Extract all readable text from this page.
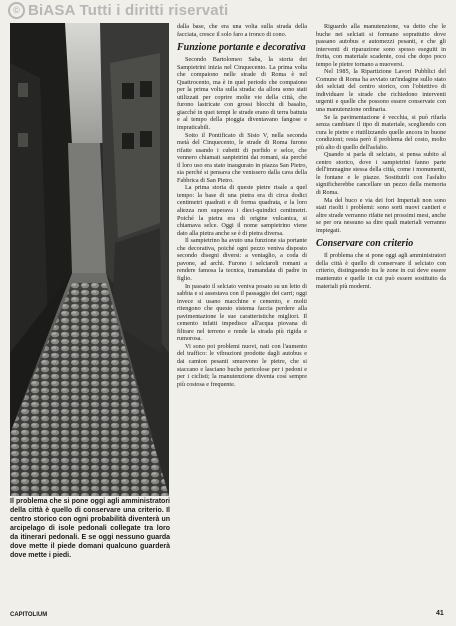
© BiASA Tutti i diritti riservati

Il problema che si pone oggi agli amministratori della città è quello di conservare una criterio. Il centro storico con ogni probabilità diventerà un arcipelago di isole pedonali collegate tra loro da itinerari pedonali. E se oggi nessuno guarda dove mette il piede domani qualcuno guarderà dove mette i piedi.

dalla base, che era una volta sulla strada della facciata, cresce il solo faro a tronco di cono.

Funzione portante e decorativa

Secondo Bartolomeo Saba, la storia dei Sampietrini inizia nel Cinquecento. La prima volta che compaiono nelle strade di Roma è nel Quattrocento, ma è in quel periodo che compaiono per la prima volta sulla strada: da allora sono stati utilizzati per coprire molte vie della città, che furono lastricate con grossi blocchi di basalto, giacché in quei tempi le strade erano di terra battuta e al tempo della pioggia diventavano fangose e impraticabili.

Sotto il Pontificato di Sisto V, nella seconda metà del Cinquecento, le strade di Roma furono rifatte usando i cubetti di porfido e selce, che vennero chiamati sanpietrini dai romani, sia perché il loro uso era stato inaugurato in piazza San Pietro, sia perché si pensava che venissero dalla cava della Fabbrica di San Pietro.

La prima storia di queste pietre risale a quel tempo: la base di una pietra era di circa dodici centimetri quadrati e di forma quadrata, e la loro altezza non superava i dieci-quindici centimetri. Poiché la pietra era di origine vulcanica, si chiamava selce. Oggi il nome sampietrino viene dato alla pietra anche se è di pietra diversa.

Il sampietrino ha avuto una funzione sia portante che decorativa, poiché ogni pezzo veniva disposto secondo disegni diversi: a ventaglio, a coda di pavone, ad archi. Furono i selciaroli romani a rendere famosa la tecnica, tramandata di padre in figlio.

In passato il selciato veniva posato su un letto di sabbia e si assestava con il passaggio dei carri; oggi invece si usano macchine e cemento, e molti ritengono che questo sistema faccia perdere alla pavimentazione le sue caratteristiche migliori. Il cemento infatti impedisce all'acqua piovana di filtrare nel terreno e rende la strada più rigida e rumorosa.

Vi sono poi problemi nuovi, nati con l'aumento del traffico: le vibrazioni prodotte dagli autobus e dai camion pesanti smuovono le pietre, che si staccano e lasciano buche pericolose per i pedoni e per i ciclisti; la manutenzione diventa così sempre più costosa e frequente.

Riguardo alla manutenzione, va detto che le buche nei selciati si formano soprattutto dove passano autobus e automezzi pesanti, e che gli interventi di riparazione sono spesso eseguiti in fretta, con materiale scadente, così che dopo poco tempo le pietre tornano a muoversi.

Nel 1985, la Ripartizione Lavori Pubblici del Comune di Roma ha avviato un'indagine sullo stato dei selciati del centro storico, con l'obiettivo di individuare le strade che richiedono interventi urgenti e quelle che possono essere conservate con una manutenzione ordinaria.

Se la pavimentazione è vecchia, si può rifarla senza cambiare il tipo di materiale, scegliendo con cura le pietre e riutilizzando quelle ancora in buone condizioni; resta però il problema del costo, molto più alto di quello dell'asfalto.

Quando si parla di selciato, si pensa subito al centro storico, dove i sampietrini fanno parte dell'immagine stessa della città, come i monumenti, le fontane e le piazze. Sostituirli con l'asfalto significherebbe cancellare un pezzo della memoria di Roma.

Ma del buco e via dei fori Imperiali non sono stati risolti i problemi: sono sorti nuovi cantieri e altre strade verranno rifatte nei prossimi mesi, anche se per ora nessuno sa dire quali materiali verranno impiegati.

Conservare con criterio

Il problema che si pone oggi agli amministratori della città è quello di conservare il selciato con criterio, distinguendo tra le zone in cui deve essere mantenuto e quelle in cui può essere sostituito da materiali più moderni.

CAPITOLIUM	41
